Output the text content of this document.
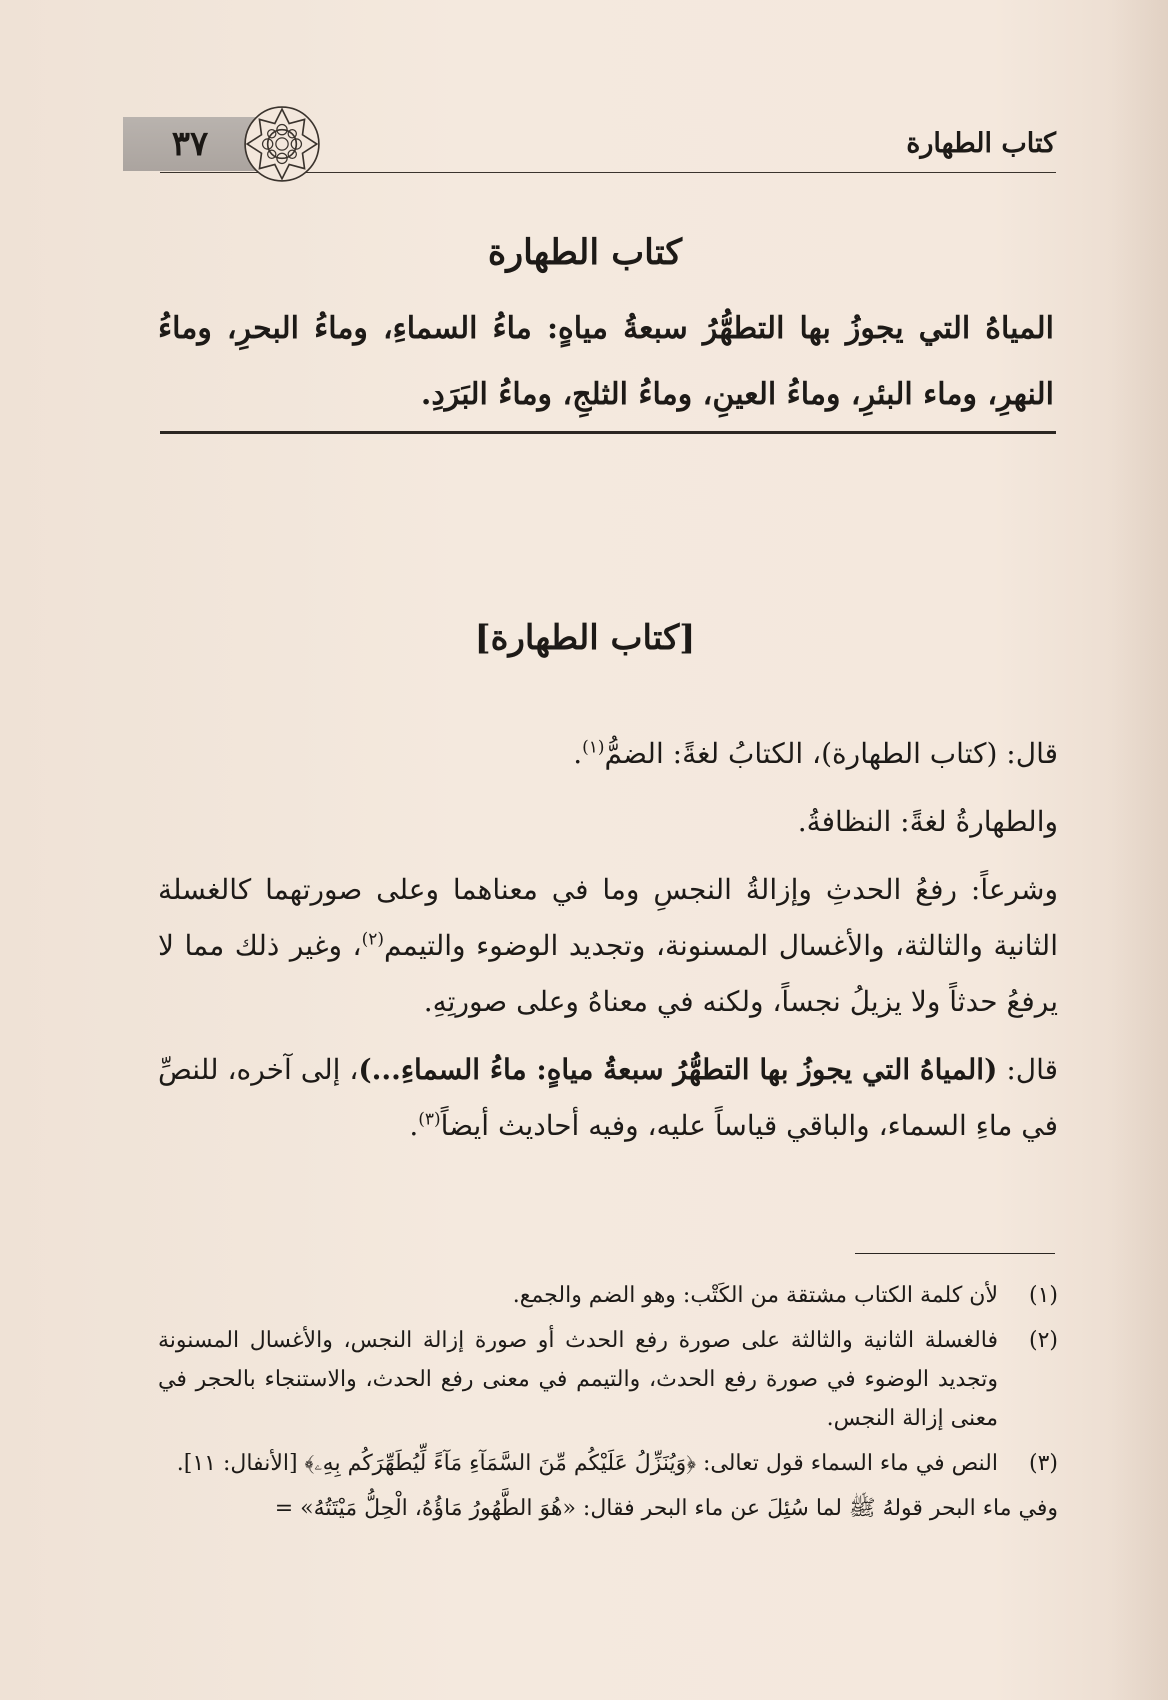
كتاب الطهارة
٣٧
كتاب الطهارة
المياهُ التي يجوزُ بها التطهُّرُ سبعةُ مياهٍ: ماءُ السماءِ، وماءُ البحرِ، وماءُ النهرِ، وماء البئرِ، وماءُ العينِ، وماءُ الثلجِ، وماءُ البَرَدِ.
[كتاب الطهارة]

قال: (كتاب الطهارة)، الكتابُ لغةً: الضمُّ$^{(١)}$.

والطهارةُ لغةً: النظافةُ.

وشرعاً: رفعُ الحدثِ وإزالةُ النجسِ وما في معناهما وعلى صورتهما كالغسلة الثانية والثالثة، والأغسال المسنونة، وتجديد الوضوء والتيمم$^{(٢)}$، وغير ذلك مما لا يرفعُ حدثاً ولا يزيلُ نجساً، ولكنه في معناهُ وعلى صورتِهِ.

قال: (المياهُ التي يجوزُ بها التطهُّرُ سبعةُ مياهٍ: ماءُ السماءِ...)، إلى آخره، للنصِّ في ماءِ السماء، والباقي قياساً عليه، وفيه أحاديث أيضاً$^{(٣)}$.

(١)
لأن كلمة الكتاب مشتقة من الكَتْب: وهو الضم والجمع.
(٢)
فالغسلة الثانية والثالثة على صورة رفع الحدث أو صورة إزالة النجس، والأغسال المسنونة وتجديد الوضوء في صورة رفع الحدث، والتيمم في معنى رفع الحدث، والاستنجاء بالحجر في معنى إزالة النجس.
(٣)
النص في ماء السماء قول تعالى: ﴿وَيُنَزِّلُ عَلَيْكُم مِّنَ السَّمَآءِ مَآءً لِّيُطَهِّرَكُم بِهِۦ﴾ [الأنفال: ١١].
وفي ماء البحر قولهُ ﷺ لما سُئِلَ عن ماء البحر فقال: «هُوَ الطَّهُورُ مَاؤُهُ، الْحِلُّ مَيْتَتُهُ» =
